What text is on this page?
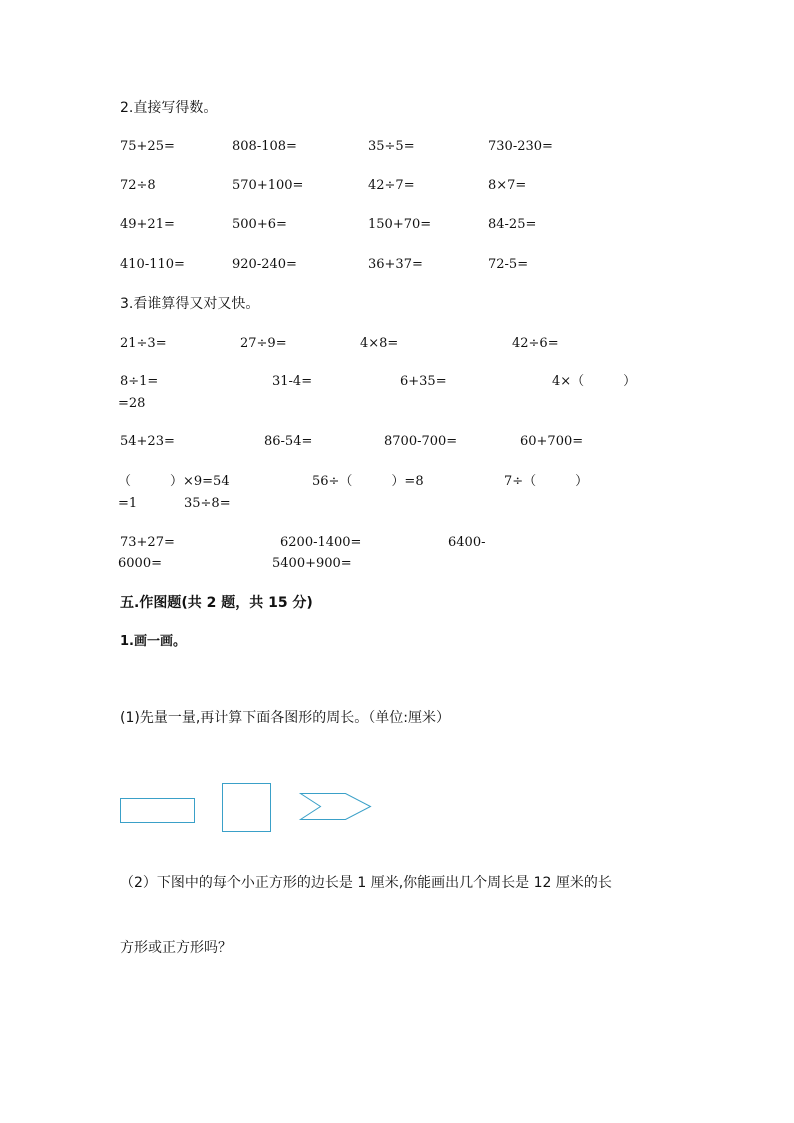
2.直接写得数。
75+25=	808-108=	35÷5=	730-230=
72÷8	570+100=	42÷7=	8×7=
49+21=	500+6=	150+70=	84-25=
410-110=	920-240=	36+37=	72-5=
3.看谁算得又对又快。
21÷3=	27÷9=	4×8=	42÷6=
8÷1=	31-4=	6+35=	4×（　　　）
=28
54+23=	86-54=	8700-700=	60+700=
（　　　）×9=54	56÷（　　　）=8	7÷（　　　）
=1	35÷8=
73+27=	6200-1400=	6400-
6000=	5400+900=
五.作图题(共 2 题，共 15 分)
1.画一画。
(1)先量一量,再计算下面各图形的周长。（单位:厘米）
（2）下图中的每个小正方形的边长是 1 厘米,你能画出几个周长是 12 厘米的长
方形或正方形吗？
